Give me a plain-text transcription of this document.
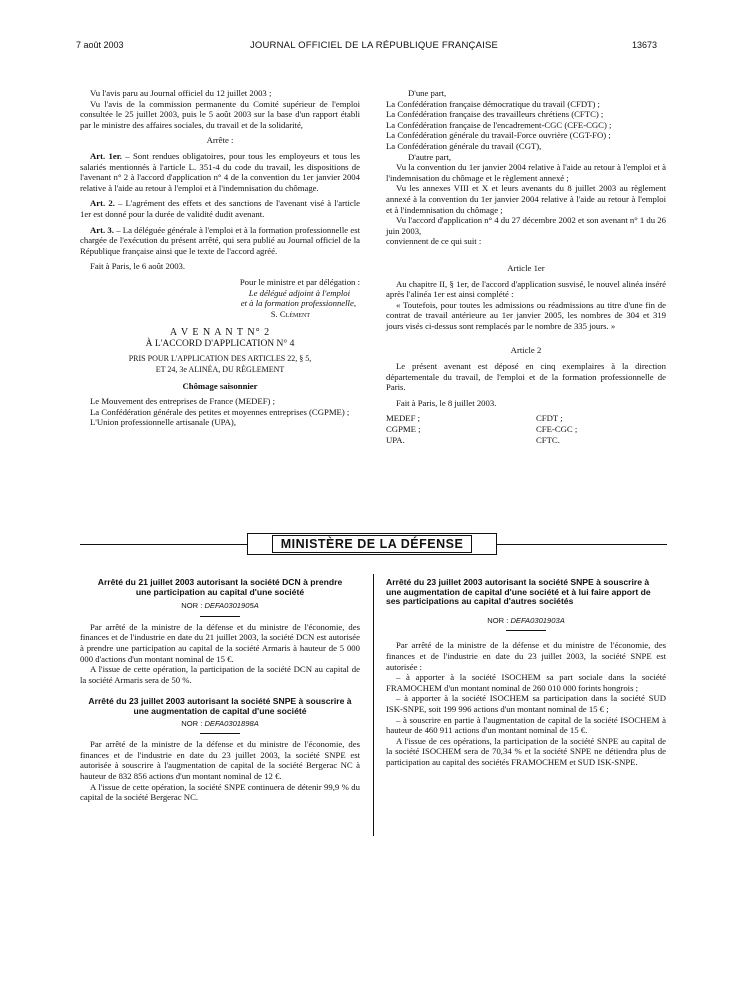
7 août 2003	JOURNAL OFFICIEL DE LA RÉPUBLIQUE FRANÇAISE	13673

Vu l'avis paru au Journal officiel du 12 juillet 2003 ;

Vu l'avis de la commission permanente du Comité supérieur de l'emploi consultée le 25 juillet 2003, puis le 5 août 2003 sur la base d'un rapport établi par le ministre des affaires sociales, du travail et de la solidarité,

Arrête :

Art. 1er. – Sont rendues obligatoires, pour tous les employeurs et tous les salariés mentionnés à l'article L. 351-4 du code du travail, les dispositions de l'avenant n° 2 à l'accord d'application n° 4 de la convention du 1er janvier 2004 relative à l'aide au retour à l'emploi et à l'indemnisation du chômage.

Art. 2. – L'agrément des effets et des sanctions de l'avenant visé à l'article 1er est donné pour la durée de validité dudit avenant.

Art. 3. – La déléguée générale à l'emploi et à la formation professionnelle est chargée de l'exécution du présent arrêté, qui sera publié au Journal officiel de la République française ainsi que le texte de l'accord agréé.

Fait à Paris, le 6 août 2003.

Pour le ministre et par délégation :

Le délégué adjoint à l'emploi

et à la formation professionnelle,

S. Clément

A V E N A N T N° 2

À L'ACCORD D'APPLICATION N° 4

PRIS POUR L'APPLICATION DES ARTICLES 22, § 5,

ET 24, 3e ALINÉA, DU RÈGLEMENT

Chômage saisonnier

Le Mouvement des entreprises de France (MEDEF) ;

La Confédération générale des petites et moyennes entreprises (CGPME) ;

L'Union professionnelle artisanale (UPA),

D'une part,

La Confédération française démocratique du travail (CFDT) ;

La Confédération française des travailleurs chrétiens (CFTC) ;

La Confédération française de l'encadrement-CGC (CFE-CGC) ;

La Confédération générale du travail-Force ouvrière (CGT-FO) ;

La Confédération générale du travail (CGT),

D'autre part,

Vu la convention du 1er janvier 2004 relative à l'aide au retour à l'emploi et à l'indemnisation du chômage et le règlement annexé ;

Vu les annexes VIII et X et leurs avenants du 8 juillet 2003 au règlement annexé à la convention du 1er janvier 2004 relative à l'aide au retour à l'emploi et à l'indemnisation du chômage ;

Vu l'accord d'application n° 4 du 27 décembre 2002 et son avenant n° 1 du 26 juin 2003,

conviennent de ce qui suit :

Article 1er

Au chapitre II, § 1er, de l'accord d'application susvisé, le nouvel alinéa inséré après l'alinéa 1er est ainsi complété :

« Toutefois, pour toutes les admissions ou réadmissions au titre d'une fin de contrat de travail antérieure au 1er janvier 2005, les nombres de 304 et 319 jours visés ci-dessus sont remplacés par le nombre de 335 jours. »

Article 2

Le présent avenant est déposé en cinq exemplaires à la direction départementale du travail, de l'emploi et de la formation professionnelle de Paris.

Fait à Paris, le 8 juillet 2003.

MEDEF ;

CGPME ;

UPA.

CFDT ;

CFE-CGC ;

CFTC.

MINISTÈRE DE LA DÉFENSE

Arrêté du 21 juillet 2003 autorisant la société DCN à prendre une participation au capital d'une société

NOR : DEFA0301905A

Par arrêté de la ministre de la défense et du ministre de l'économie, des finances et de l'industrie en date du 21 juillet 2003, la société DCN est autorisée à prendre une participation au capital de la société Armaris à hauteur de 5 000 000 d'actions d'un montant nominal de 15 €.

A l'issue de cette opération, la participation de la société DCN au capital de la société Armaris sera de 50 %.

Arrêté du 23 juillet 2003 autorisant la société SNPE à souscrire à une augmentation de capital d'une société

NOR : DEFA0301898A

Par arrêté de la ministre de la défense et du ministre de l'économie, des finances et de l'industrie en date du 23 juillet 2003, la société SNPE est autorisée à souscrire à l'augmentation de capital de la société Bergerac NC à hauteur de 832 856 actions d'un montant nominal de 12 €.

A l'issue de cette opération, la société SNPE continuera de détenir 99,9 % du capital de la société Bergerac NC.

Arrêté du 23 juillet 2003 autorisant la société SNPE à souscrire à une augmentation de capital d'une société et à lui faire apport de ses participations au capital d'autres sociétés

NOR : DEFA0301903A

Par arrêté de la ministre de la défense et du ministre de l'économie, des finances et de l'industrie en date du 23 juillet 2003, la société SNPE est autorisée :

– à apporter à la société ISOCHEM sa part sociale dans la société FRAMOCHEM d'un montant nominal de 260 010 000 forints hongrois ;

– à apporter à la société ISOCHEM sa participation dans la société SUD ISK-SNPE, soit 199 996 actions d'un montant nominal de 15 € ;

– à souscrire en partie à l'augmentation de capital de la société ISOCHEM à hauteur de 460 911 actions d'un montant nominal de 15 €.

A l'issue de ces opérations, la participation de la société SNPE au capital de la société ISOCHEM sera de 70,34 % et la société SNPE ne détiendra plus de participation au capital des sociétés FRAMOCHEM et SUD ISK-SNPE.
